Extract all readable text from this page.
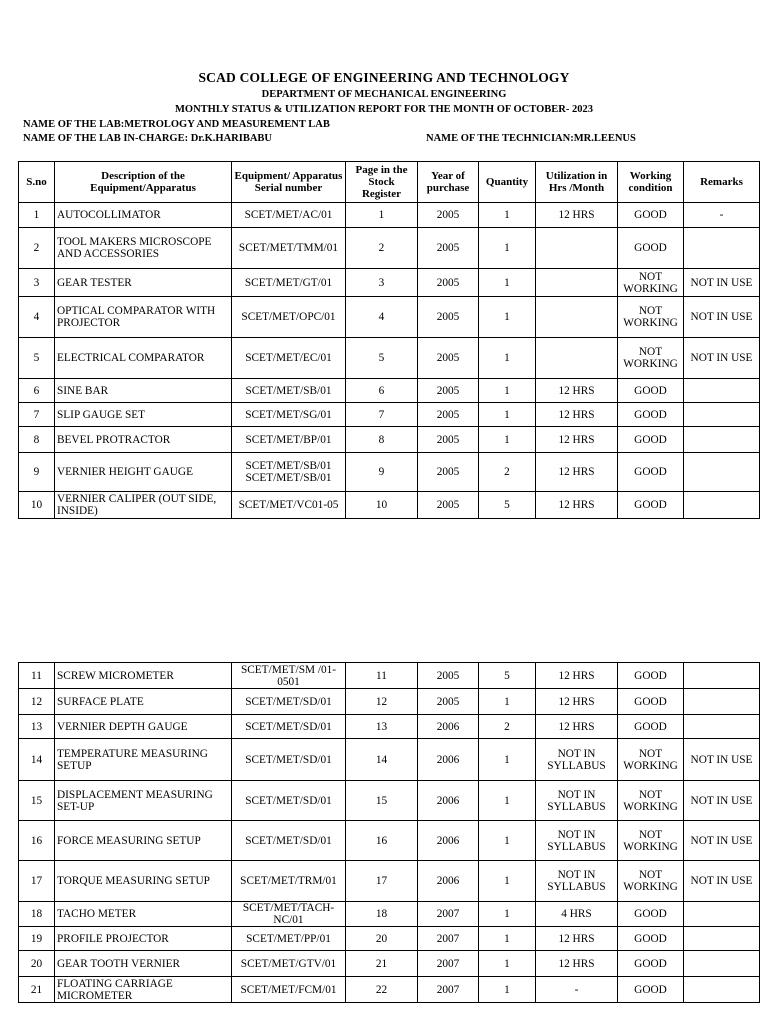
SCAD COLLEGE OF ENGINEERING AND TECHNOLOGY
DEPARTMENT OF MECHANICAL ENGINEERING
MONTHLY STATUS & UTILIZATION REPORT FOR THE MONTH OF OCTOBER- 2023
NAME OF THE LAB:METROLOGY AND MEASUREMENT LAB
NAME OF THE LAB IN-CHARGE: Dr.K.HARIBABU	NAME OF THE TECHNICIAN:MR.LEENUS
S.no	Description of the Equipment/Apparatus	Equipment/ Apparatus Serial number	Page in the Stock Register	Year of purchase	Quantity	Utilization in Hrs /Month	Working condition	Remarks
1	AUTOCOLLIMATOR	SCET/MET/AC/01	1	2005	1	12 HRS	GOOD	-
2	TOOL MAKERS MICROSCOPE AND ACCESSORIES	SCET/MET/TMM/01	2	2005	1		GOOD	
3	GEAR TESTER	SCET/MET/GT/01	3	2005	1		NOT WORKING	NOT IN USE
4	OPTICAL COMPARATOR WITH PROJECTOR	SCET/MET/OPC/01	4	2005	1		NOT WORKING	NOT IN USE
5	ELECTRICAL COMPARATOR	SCET/MET/EC/01	5	2005	1		NOT WORKING	NOT IN USE
6	SINE BAR	SCET/MET/SB/01	6	2005	1	12 HRS	GOOD	
7	SLIP GAUGE SET	SCET/MET/SG/01	7	2005	1	12 HRS	GOOD	
8	BEVEL PROTRACTOR	SCET/MET/BP/01	8	2005	1	12 HRS	GOOD	
9	VERNIER HEIGHT GAUGE	SCET/MET/SB/01 SCET/MET/SB/01	9	2005	2	12 HRS	GOOD	
10	VERNIER CALIPER (OUT SIDE, INSIDE)	SCET/MET/VC01-05	10	2005	5	12 HRS	GOOD	
11	SCREW MICROMETER	SCET/MET/SM /01-0501	11	2005	5	12 HRS	GOOD	
12	SURFACE PLATE	SCET/MET/SD/01	12	2005	1	12 HRS	GOOD	
13	VERNIER DEPTH GAUGE	SCET/MET/SD/01	13	2006	2	12 HRS	GOOD	
14	TEMPERATURE MEASURING SETUP	SCET/MET/SD/01	14	2006	1	NOT IN SYLLABUS	NOT WORKING	NOT IN USE
15	DISPLACEMENT MEASURING SET-UP	SCET/MET/SD/01	15	2006	1	NOT IN SYLLABUS	NOT WORKING	NOT IN USE
16	FORCE MEASURING SETUP	SCET/MET/SD/01	16	2006	1	NOT IN SYLLABUS	NOT WORKING	NOT IN USE
17	TORQUE MEASURING SETUP	SCET/MET/TRM/01	17	2006	1	NOT IN SYLLABUS	NOT WORKING	NOT IN USE
18	TACHO METER	SCET/MET/TACH-NC/01	18	2007	1	4 HRS	GOOD	
19	PROFILE PROJECTOR	SCET/MET/PP/01	20	2007	1	12 HRS	GOOD	
20	GEAR TOOTH VERNIER	SCET/MET/GTV/01	21	2007	1	12 HRS	GOOD	
21	FLOATING CARRIAGE MICROMETER	SCET/MET/FCM/01	22	2007	1	-	GOOD	
